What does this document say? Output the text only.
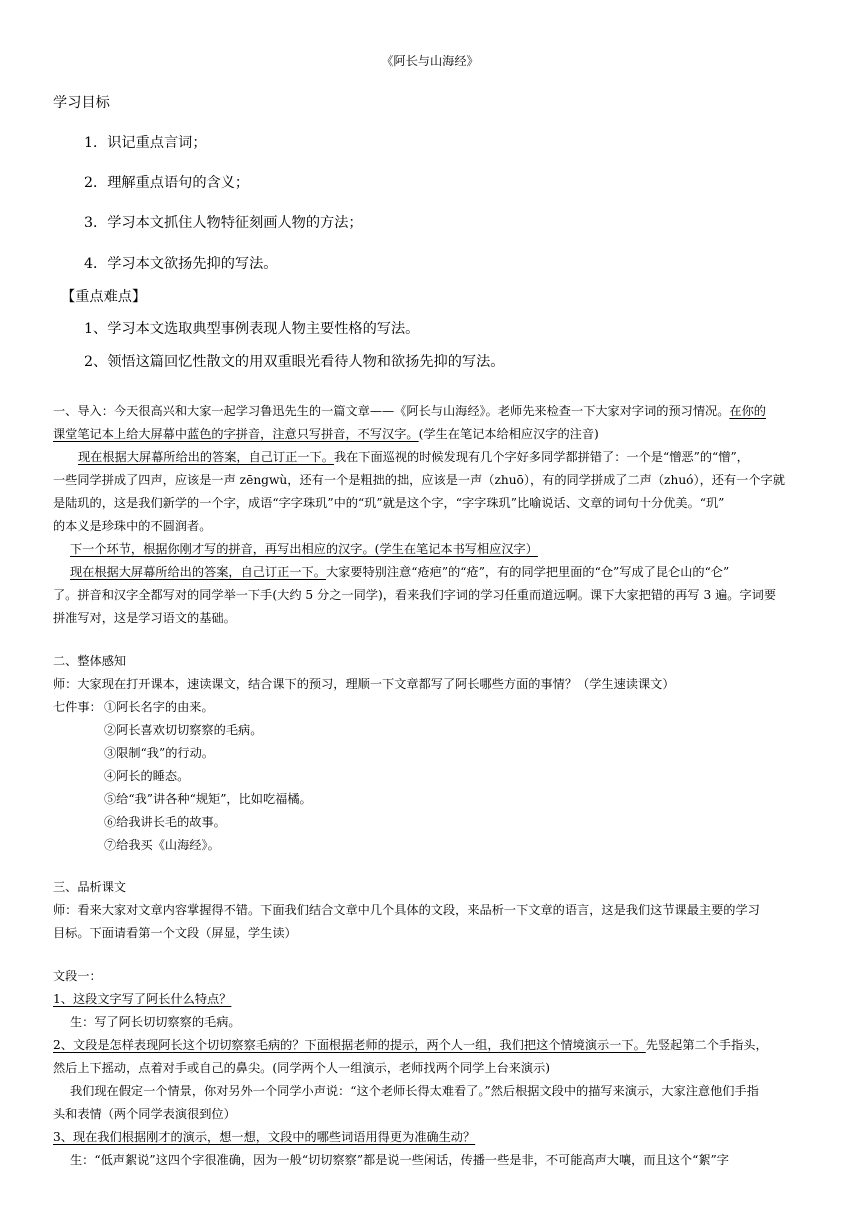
《阿长与山海经》
学习目标
1．识记重点言词；
2．理解重点语句的含义；
3．学习本文抓住人物特征刻画人物的方法；
4．学习本文欲扬先抑的写法。
【重点难点】
1、学习本文选取典型事例表现人物主要性格的写法。
2、领悟这篇回忆性散文的用双重眼光看待人物和欲扬先抑的写法。
一、导入：今天很高兴和大家一起学习鲁迅先生的一篇文章——《阿长与山海经》。老师先来检查一下大家对字词的预习情况。在你的
课堂笔记本上给大屏幕中蓝色的字拼音，注意只写拼音，不写汉字。(学生在笔记本给相应汉字的注音)
现在根据大屏幕所给出的答案，自己订正一下。我在下面巡视的时候发现有几个字好多同学都拼错了：一个是“憎恶”的“憎”，
一些同学拼成了四声，应该是一声 zēngwù，还有一个是粗拙的拙，应该是一声（zhuō），有的同学拼成了二声（zhuó），还有一个字就
是陆玑的，这是我们新学的一个字，成语“字字珠玑”中的“玑”就是这个字，“字字珠玑”比喻说话、文章的词句十分优美。“玑”
的本义是珍珠中的不圆润者。
下一个环节，根据你刚才写的拼音，再写出相应的汉字。(学生在笔记本书写相应汉字）
现在根据大屏幕所给出的答案，自己订正一下。大家要特别注意“疮疤”的“疮”，有的同学把里面的“仓”写成了昆仑山的“仑”
了。拼音和汉字全都写对的同学举一下手(大约 5 分之一同学)，看来我们字词的学习任重而道远啊。课下大家把错的再写 3 遍。字词要
拼准写对，这是学习语文的基础。
二、整体感知
师：大家现在打开课本，速读课文，结合课下的预习，理顺一下文章都写了阿长哪些方面的事情？（学生速读课文）
七件事： ①阿长名字的由来。
②阿长喜欢切切察察的毛病。
③限制“我”的行动。
④阿长的睡态。
⑤给“我”讲各种“规矩”，比如吃福橘。
⑥给我讲长毛的故事。
⑦给我买《山海经》。
三、品析课文
师：看来大家对文章内容掌握得不错。下面我们结合文章中几个具体的文段，来品析一下文章的语言，这是我们这节课最主要的学习
目标。下面请看第一个文段（屏显，学生读）
文段一：
1、这段文字写了阿长什么特点？
生：写了阿长切切察察的毛病。
2、文段是怎样表现阿长这个切切察察毛病的？下面根据老师的提示，两个人一组，我们把这个情境演示一下。先竖起第二个手指头，
然后上下摇动，点着对手或自己的鼻尖。(同学两个人一组演示，老师找两个同学上台来演示)
我们现在假定一个情景，你对另外一个同学小声说：“这个老师长得太难看了。”然后根据文段中的描写来演示，大家注意他们手指
头和表情（两个同学表演很到位）
3、现在我们根据刚才的演示，想一想，文段中的哪些词语用得更为准确生动？
生：“低声絮说”这四个字很准确，因为一般“切切察察”都是说一些闲话，传播一些是非，不可能高声大嚷，而且这个“絮”字
